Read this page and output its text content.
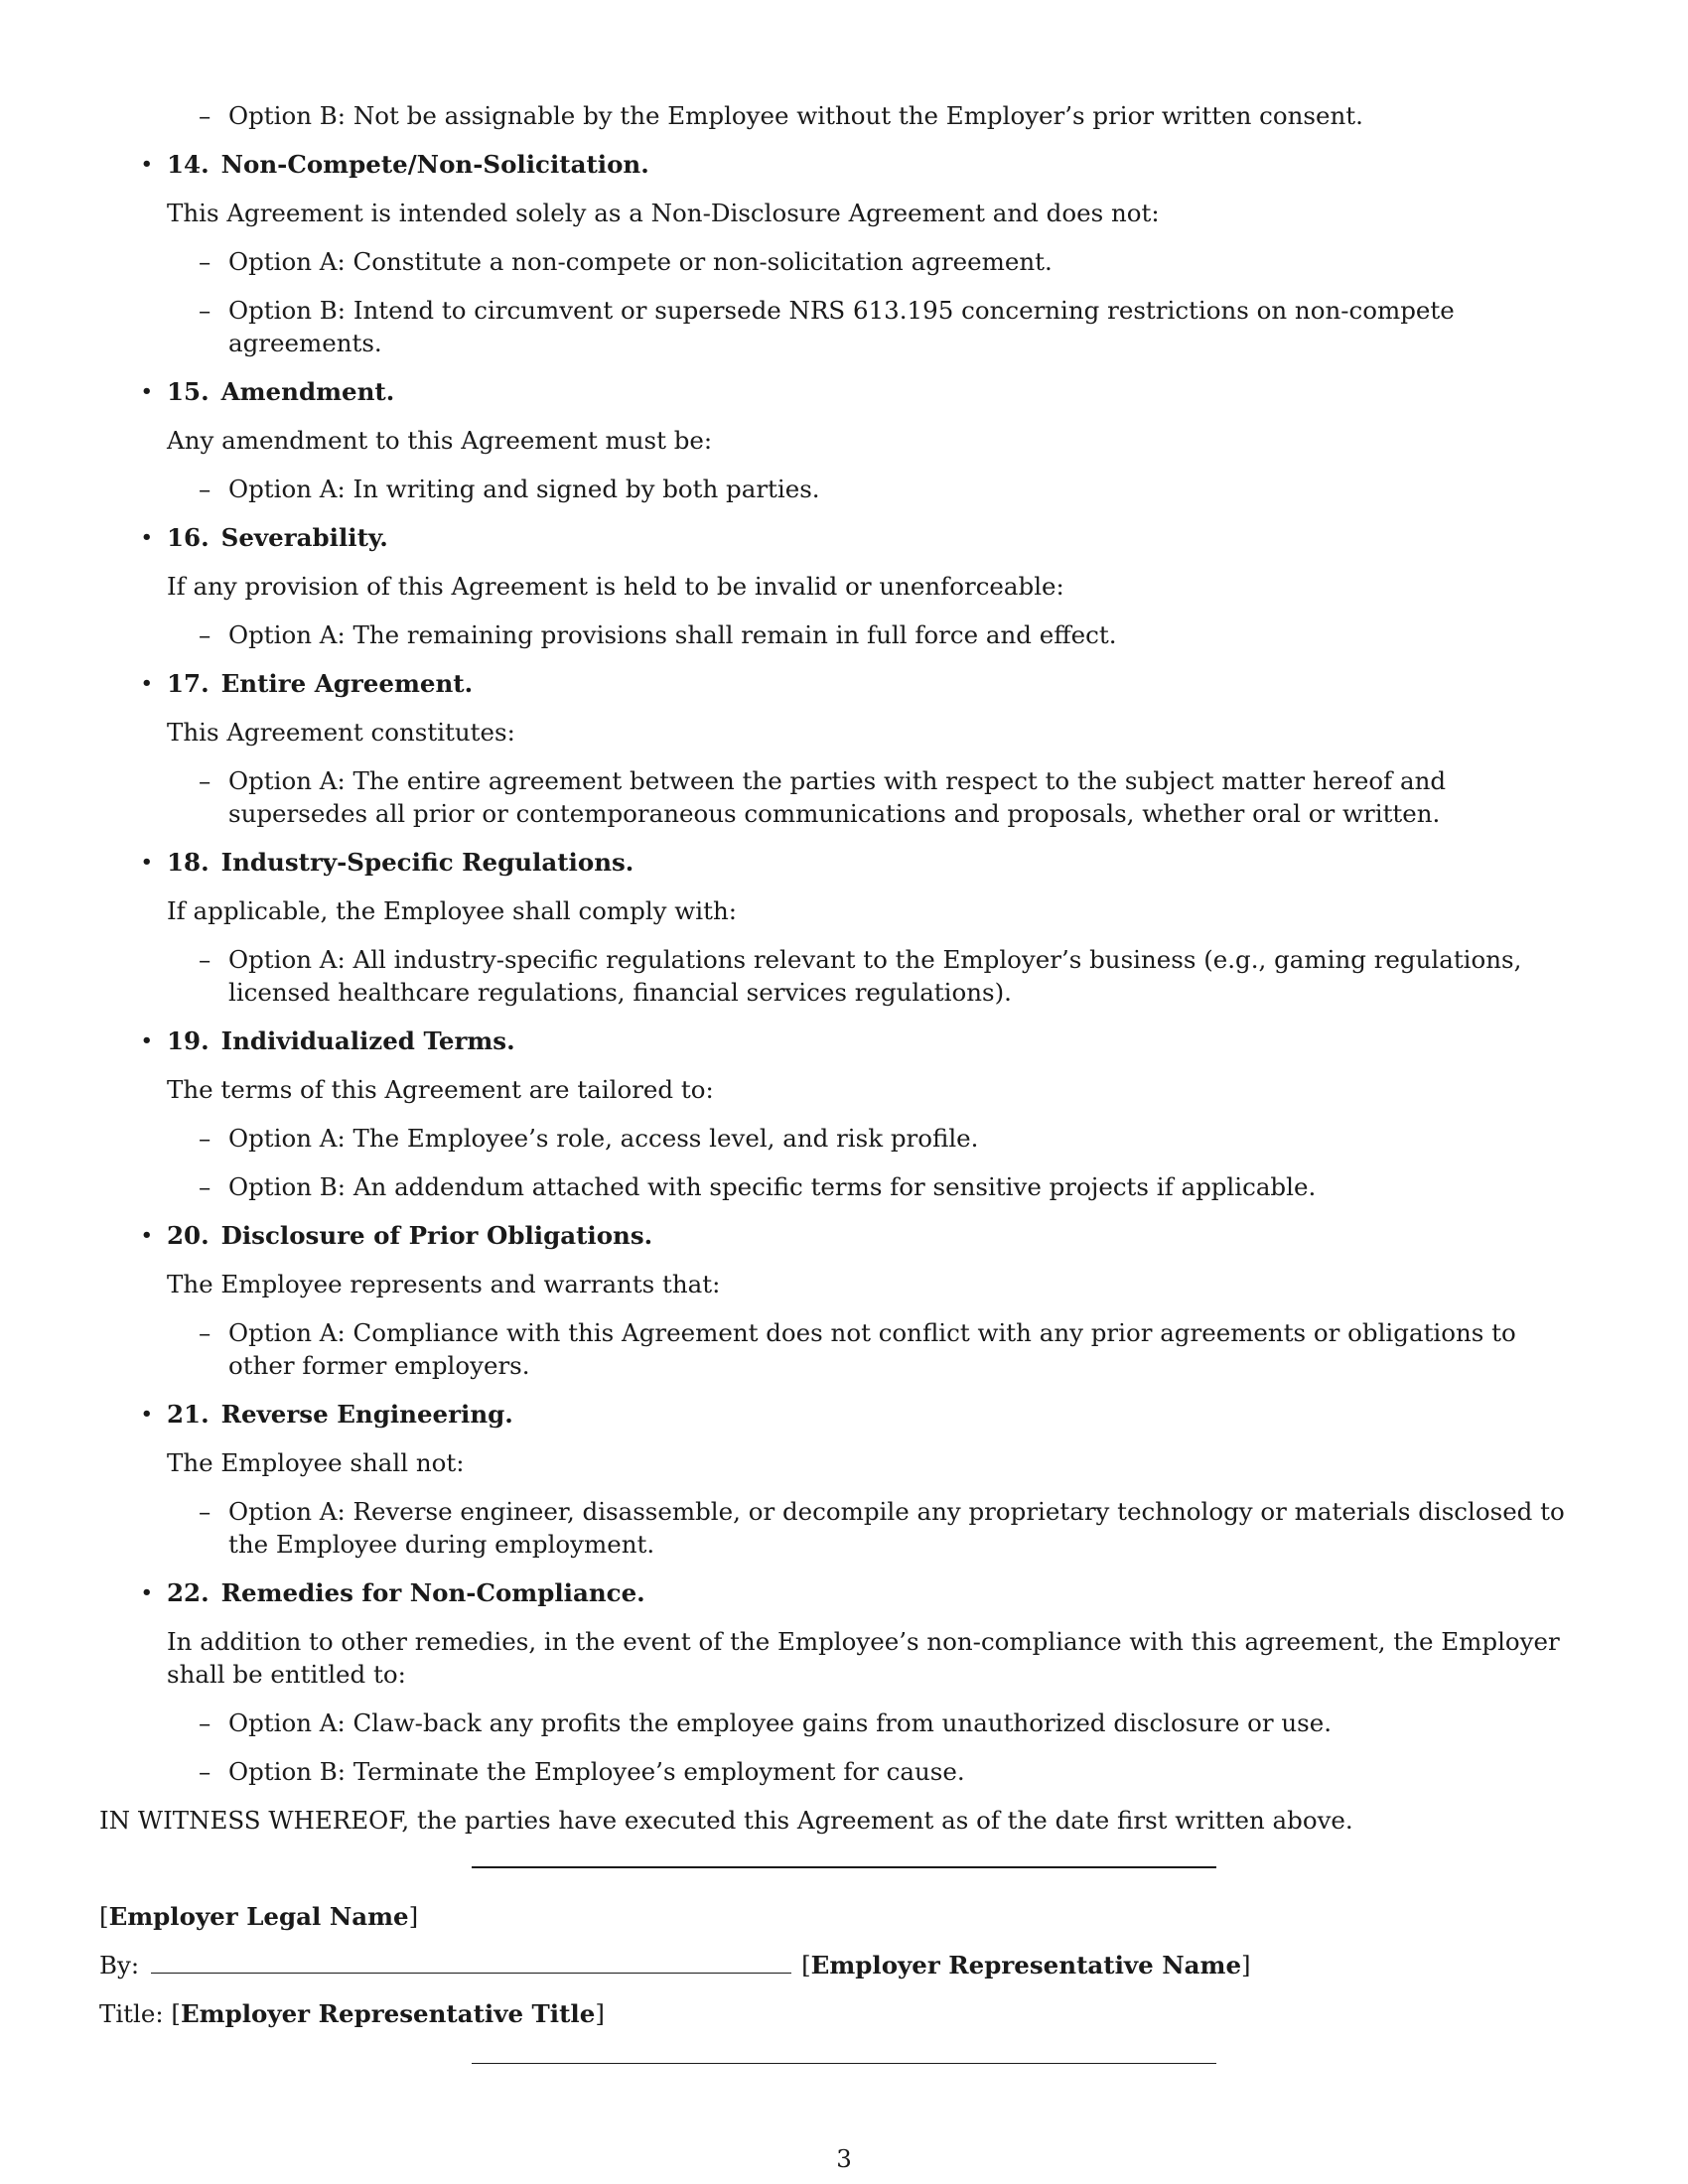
– Option B: Not be assignable by the Employee without the Employer’s prior written consent.
• 14. Non-Compete/Non-Solicitation.
This Agreement is intended solely as a Non-Disclosure Agreement and does not:
– Option A: Constitute a non-compete or non-solicitation agreement.
– Option B: Intend to circumvent or supersede NRS 613.195 concerning restrictions on non-compete agreements.
• 15. Amendment.
Any amendment to this Agreement must be:
– Option A: In writing and signed by both parties.
• 16. Severability.
If any provision of this Agreement is held to be invalid or unenforceable:
– Option A: The remaining provisions shall remain in full force and effect.
• 17. Entire Agreement.
This Agreement constitutes:
– Option A: The entire agreement between the parties with respect to the subject matter hereof and supersedes all prior or contemporaneous communications and proposals, whether oral or written.
• 18. Industry-Specific Regulations.
If applicable, the Employee shall comply with:
– Option A: All industry-specific regulations relevant to the Employer’s business (e.g., gaming regulations, licensed healthcare regulations, financial services regulations).
• 19. Individualized Terms.
The terms of this Agreement are tailored to:
– Option A: The Employee’s role, access level, and risk profile.
– Option B: An addendum attached with specific terms for sensitive projects if applicable.
• 20. Disclosure of Prior Obligations.
The Employee represents and warrants that:
– Option A: Compliance with this Agreement does not conflict with any prior agreements or obligations to other former employers.
• 21. Reverse Engineering.
The Employee shall not:
– Option A: Reverse engineer, disassemble, or decompile any proprietary technology or materials disclosed to the Employee during employment.
• 22. Remedies for Non-Compliance.
In addition to other remedies, in the event of the Employee’s non-compliance with this agreement, the Employer shall be entitled to:
– Option A: Claw-back any profits the employee gains from unauthorized disclosure or use.
– Option B: Terminate the Employee’s employment for cause.
IN WITNESS WHEREOF, the parties have executed this Agreement as of the date first written above.
[Employer Legal Name]
By:	[Employer Representative Name]
Title: [Employer Representative Title]
3
